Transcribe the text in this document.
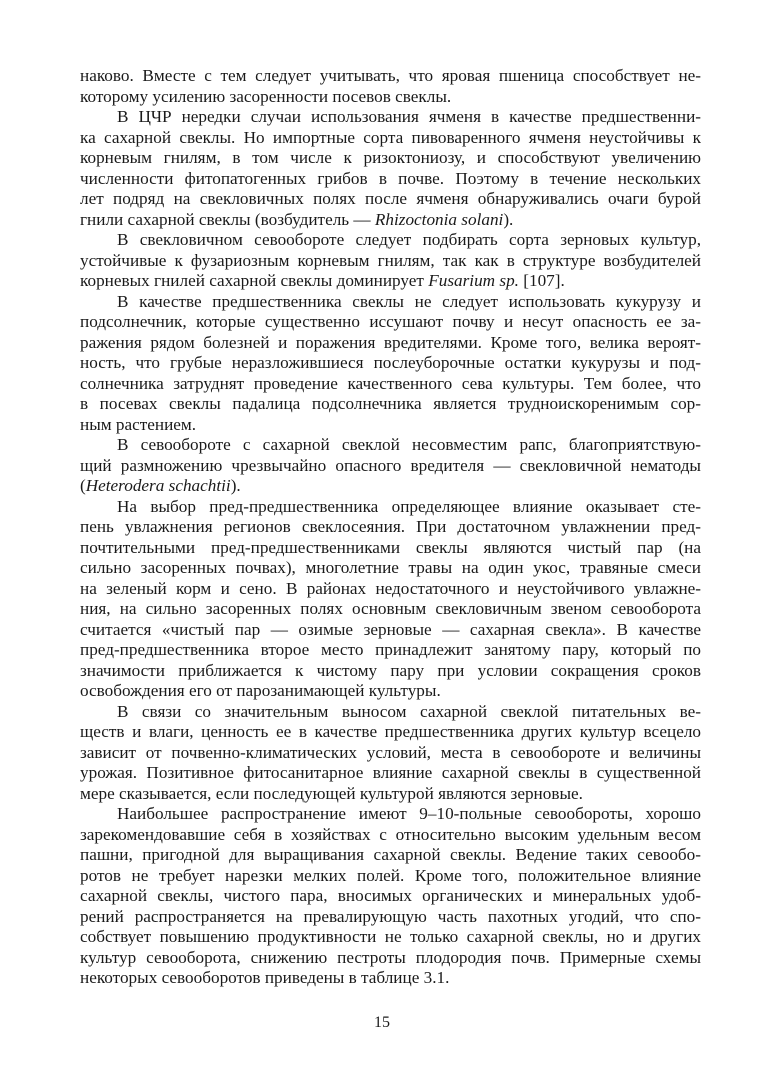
наково. Вместе с тем следует учитывать, что яровая пшеница способствует не-
которому усилению засоренности посевов свеклы.
В ЦЧР нередки случаи использования ячменя в качестве предшественни-
ка сахарной свеклы. Но импортные сорта пивоваренного ячменя неустойчивы к
корневым гнилям, в том числе к ризоктониозу, и способствуют увеличению
численности фитопатогенных грибов в почве. Поэтому в течение нескольких
лет подряд на свекловичных полях после ячменя обнаруживались очаги бурой
гнили сахарной свеклы (возбудитель — Rhizoctonia solani).
В свекловичном севообороте следует подбирать сорта зерновых культур,
устойчивые к фузариозным корневым гнилям, так как в структуре возбудителей
корневых гнилей сахарной свеклы доминирует Fusarium sp. [107].
В качестве предшественника свеклы не следует использовать кукурузу и
подсолнечник, которые существенно иссушают почву и несут опасность ее за-
ражения рядом болезней и поражения вредителями. Кроме того, велика вероят-
ность, что грубые неразложившиеся послеуборочные остатки кукурузы и под-
солнечника затруднят проведение качественного сева культуры. Тем более, что
в посевах свеклы падалица подсолнечника является трудноискоренимым сор-
ным растением.
В севообороте с сахарной свеклой несовместим рапс, благоприятствую-
щий размножению чрезвычайно опасного вредителя — свекловичной нематоды
(Heterodera schachtii).
На выбор пред-предшественника определяющее влияние оказывает сте-
пень увлажнения регионов свеклосеяния. При достаточном увлажнении пред-
почтительными пред-предшественниками свеклы являются чистый пар (на
сильно засоренных почвах), многолетние травы на один укос, травяные смеси
на зеленый корм и сено. В районах недостаточного и неустойчивого увлажне-
ния, на сильно засоренных полях основным свекловичным звеном севооборота
считается «чистый пар — озимые зерновые — сахарная свекла». В качестве
пред-предшественника второе место принадлежит занятому пару, который по
значимости приближается к чистому пару при условии сокращения сроков
освобождения его от парозанимающей культуры.
В связи со значительным выносом сахарной свеклой питательных ве-
ществ и влаги, ценность ее в качестве предшественника других культур всецело
зависит от почвенно-климатических условий, места в севообороте и величины
урожая. Позитивное фитосанитарное влияние сахарной свеклы в существенной
мере сказывается, если последующей культурой являются зерновые.
Наибольшее распространение имеют 9–10-польные севообороты, хорошо
зарекомендовавшие себя в хозяйствах с относительно высоким удельным весом
пашни, пригодной для выращивания сахарной свеклы. Ведение таких севообо-
ротов не требует нарезки мелких полей. Кроме того, положительное влияние
сахарной свеклы, чистого пара, вносимых органических и минеральных удоб-
рений распространяется на превалирующую часть пахотных угодий, что спо-
собствует повышению продуктивности не только сахарной свеклы, но и других
культур севооборота, снижению пестроты плодородия почв. Примерные схемы
некоторых севооборотов приведены в таблице 3.1.
15
